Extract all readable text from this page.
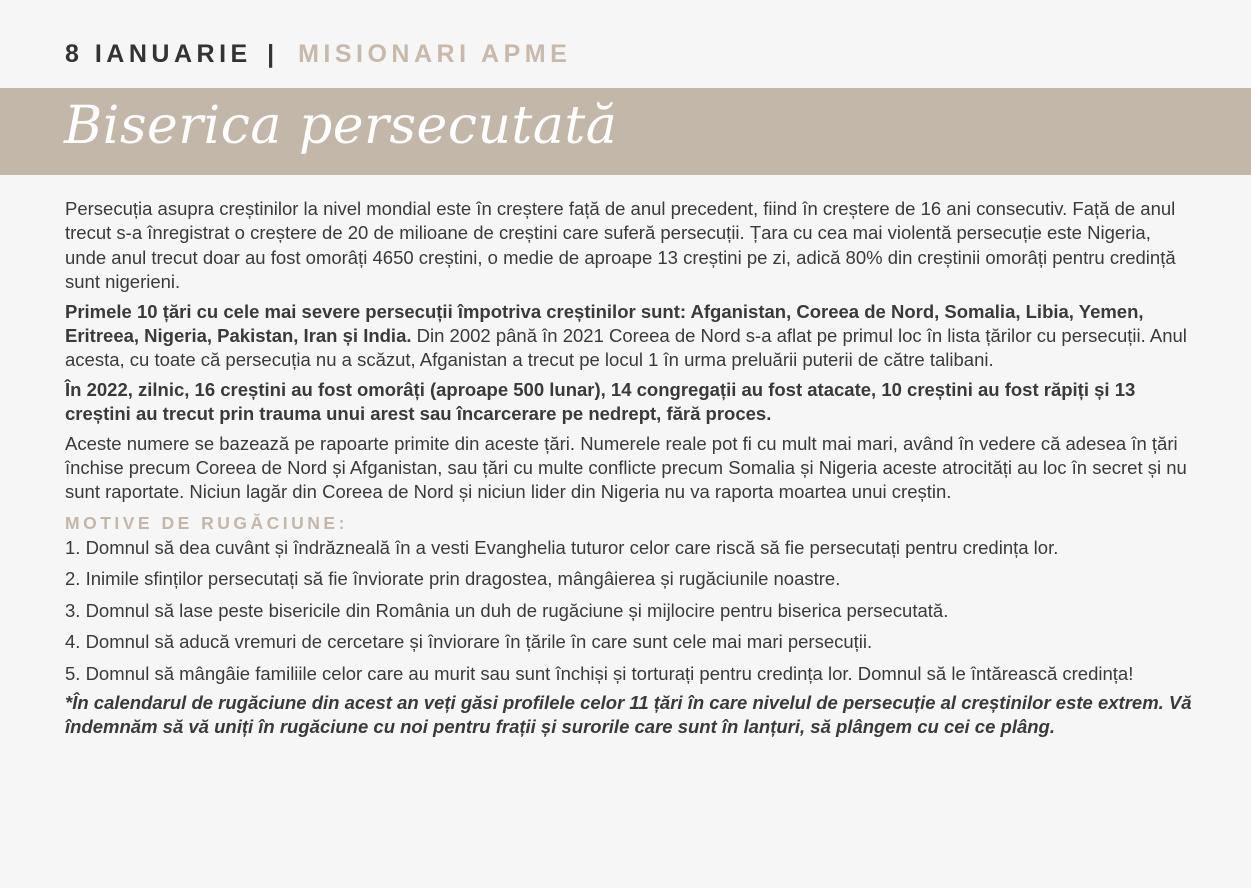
8 IANUARIE | MISIONARI APME
Biserica persecutată

Persecuția asupra creștinilor la nivel mondial este în creștere față de anul precedent, fiind în creștere de 16 ani consecutiv. Față de anul trecut s-a înregistrat o creștere de 20 de milioane de creștini care suferă persecuții. Țara cu cea mai violentă persecuție este Nigeria, unde anul trecut doar au fost omorâți 4650 creștini, o medie de aproape 13 creștini pe zi, adică 80% din creștinii omorâți pentru credință sunt nigerieni.

Primele 10 țări cu cele mai severe persecuții împotriva creștinilor sunt: Afganistan, Coreea de Nord, Somalia, Libia, Yemen, Eritreea, Nigeria, Pakistan, Iran și India. Din 2002 până în 2021 Coreea de Nord s-a aflat pe primul loc în lista țărilor cu persecuții. Anul acesta, cu toate că persecuția nu a scăzut, Afganistan a trecut pe locul 1 în urma preluării puterii de către talibani.

În 2022, zilnic, 16 creștini au fost omorâți (aproape 500 lunar), 14 congregații au fost atacate, 10 creștini au fost răpiți și 13 creștini au trecut prin trauma unui arest sau încarcerare pe nedrept, fără proces.

Aceste numere se bazează pe rapoarte primite din aceste țări. Numerele reale pot fi cu mult mai mari, având în vedere că adesea în țări închise precum Coreea de Nord și Afganistan, sau țări cu multe conflicte precum Somalia și Nigeria aceste atrocități au loc în secret și nu sunt raportate. Niciun lagăr din Coreea de Nord și niciun lider din Nigeria nu va raporta moartea unui creștin.

MOTIVE DE RUGĂCIUNE:

1. Domnul să dea cuvânt și îndrăzneală în a vesti Evanghelia tuturor celor care riscă să fie persecutați pentru credința lor.

2. Inimile sfinților persecutați să fie înviorate prin dragostea, mângâierea și rugăciunile noastre.

3. Domnul să lase peste bisericile din România un duh de rugăciune și mijlocire pentru biserica persecutată.

4. Domnul să aducă vremuri de cercetare și înviorare în țările în care sunt cele mai mari persecuții.

5. Domnul să mângâie familiile celor care au murit sau sunt închiși și torturați pentru credința lor. Domnul să le întărească credința!

*În calendarul de rugăciune din acest an veți găsi profilele celor 11 țări în care nivelul de persecuție al creștinilor este extrem. Vă îndemnăm să vă uniți în rugăciune cu noi pentru frații și surorile care sunt în lanțuri, să plângem cu cei ce plâng.
